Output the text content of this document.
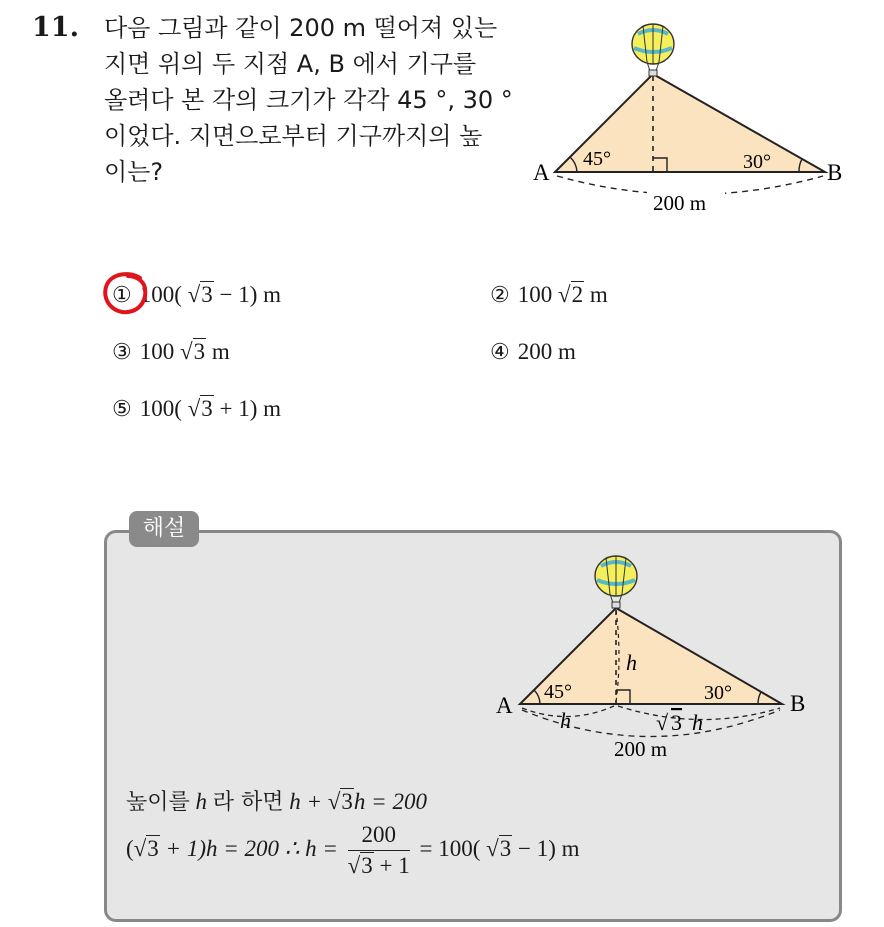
11. 다음 그림과 같이 200 m 떨어져 있는
지면 위의 두 지점 A, B 에서 기구를
올려다 본 각의 크기가 각각 45 °, 30 °
이었다. 지면으로부터 기구까지의 높
이는?	A	B
45°	30°
200 m
① 100( √3 − 1) m	② 100 √2 m
③ 100 √3 m	④ 200 m
⑤ 100( √3 + 1) m
해설
A	B
45°	30°
h
h	√ 3 h
200 m
높이를 h 라 하면 h + √3h = 200
(√3 + 1)h = 200 ∴ $h = \frac{200}{√3 + 1} = 100$( √3 − 1) m
